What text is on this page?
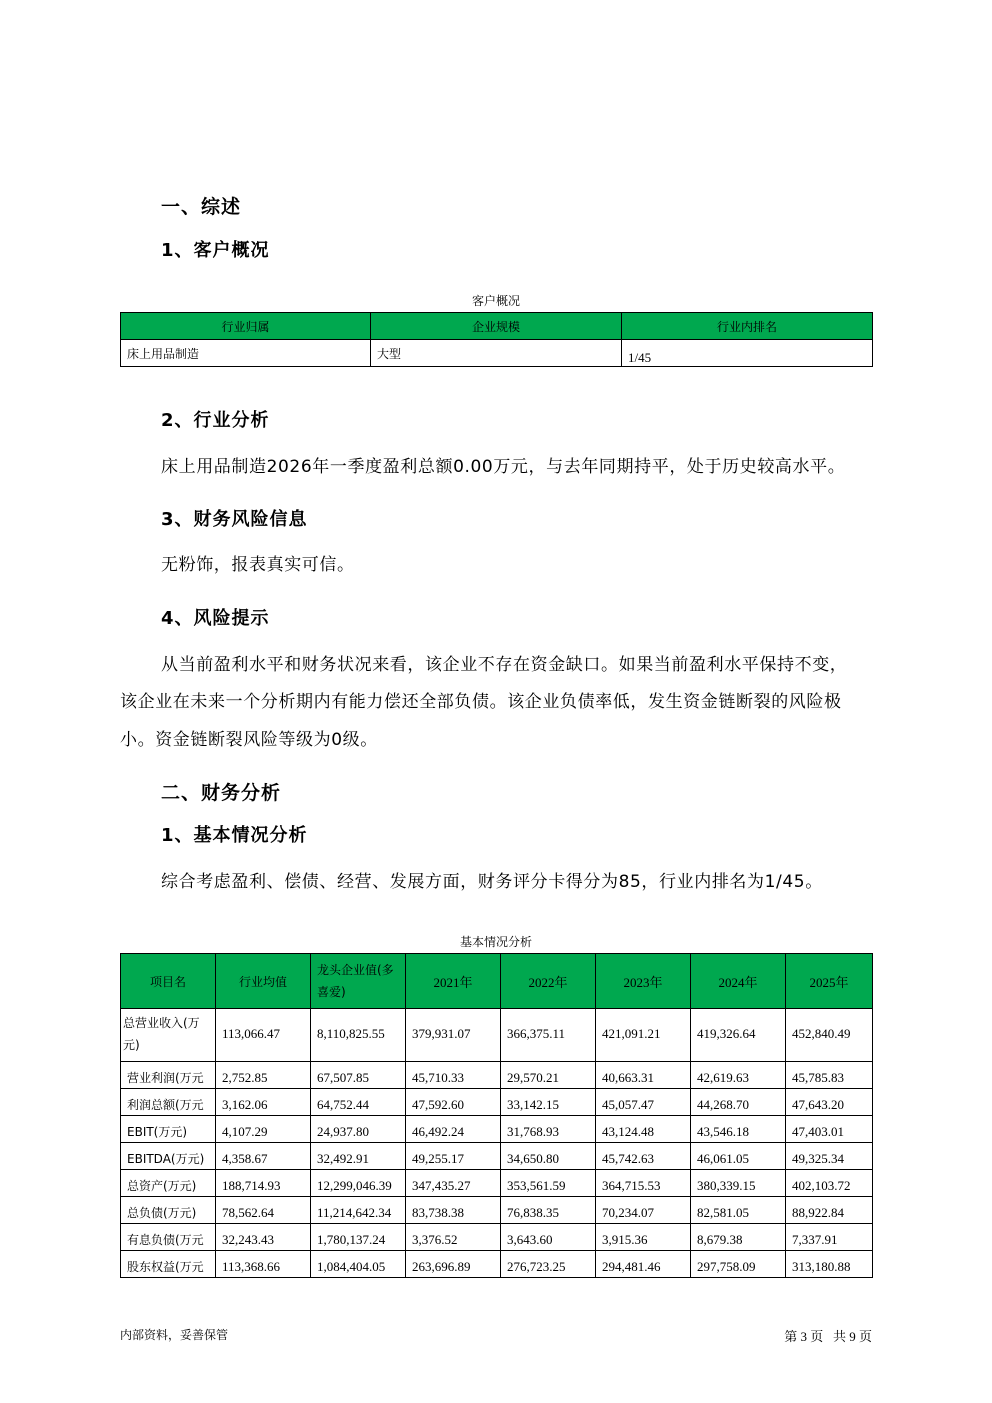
一、综述
1、客户概况
客户概况
行业归属	企业规模	行业内排名
床上用品制造	大型	1/45
2、行业分析
床上用品制造2026年一季度盈利总额0.00万元，与去年同期持平，处于历史较高水平。
3、财务风险信息
无粉饰，报表真实可信。
4、风险提示
从当前盈利水平和财务状况来看，该企业不存在资金缺口。如果当前盈利水平保持不变，
该企业在未来一个分析期内有能力偿还全部负债。该企业负债率低，发生资金链断裂的风险极
小。资金链断裂风险等级为0级。
二、财务分析
1、基本情况分析
综合考虑盈利、偿债、经营、发展方面，财务评分卡得分为85，行业内排名为1/45。
基本情况分析
项目名	行业均值	龙头企业值(多喜爱)	2021年	2022年	2023年	2024年	2025年
总营业收入(万元)	113,066.47	8,110,825.55	379,931.07	366,375.11	421,091.21	419,326.64	452,840.49
营业利润(万元	2,752.85	67,507.85	45,710.33	29,570.21	40,663.31	42,619.63	45,785.83
利润总额(万元	3,162.06	64,752.44	47,592.60	33,142.15	45,057.47	44,268.70	47,643.20
EBIT(万元)	4,107.29	24,937.80	46,492.24	31,768.93	43,124.48	43,546.18	47,403.01
EBITDA(万元)	4,358.67	32,492.91	49,255.17	34,650.80	45,742.63	46,061.05	49,325.34
总资产(万元)	188,714.93	12,299,046.39	347,435.27	353,561.59	364,715.53	380,339.15	402,103.72
总负债(万元)	78,562.64	11,214,642.34	83,738.38	76,838.35	70,234.07	82,581.05	88,922.84
有息负债(万元	32,243.43	1,780,137.24	3,376.52	3,643.60	3,915.36	8,679.38	7,337.91
股东权益(万元	113,368.66	1,084,404.05	263,696.89	276,723.25	294,481.46	297,758.09	313,180.88
内部资料，妥善保管	第 3 页   共 9 页
